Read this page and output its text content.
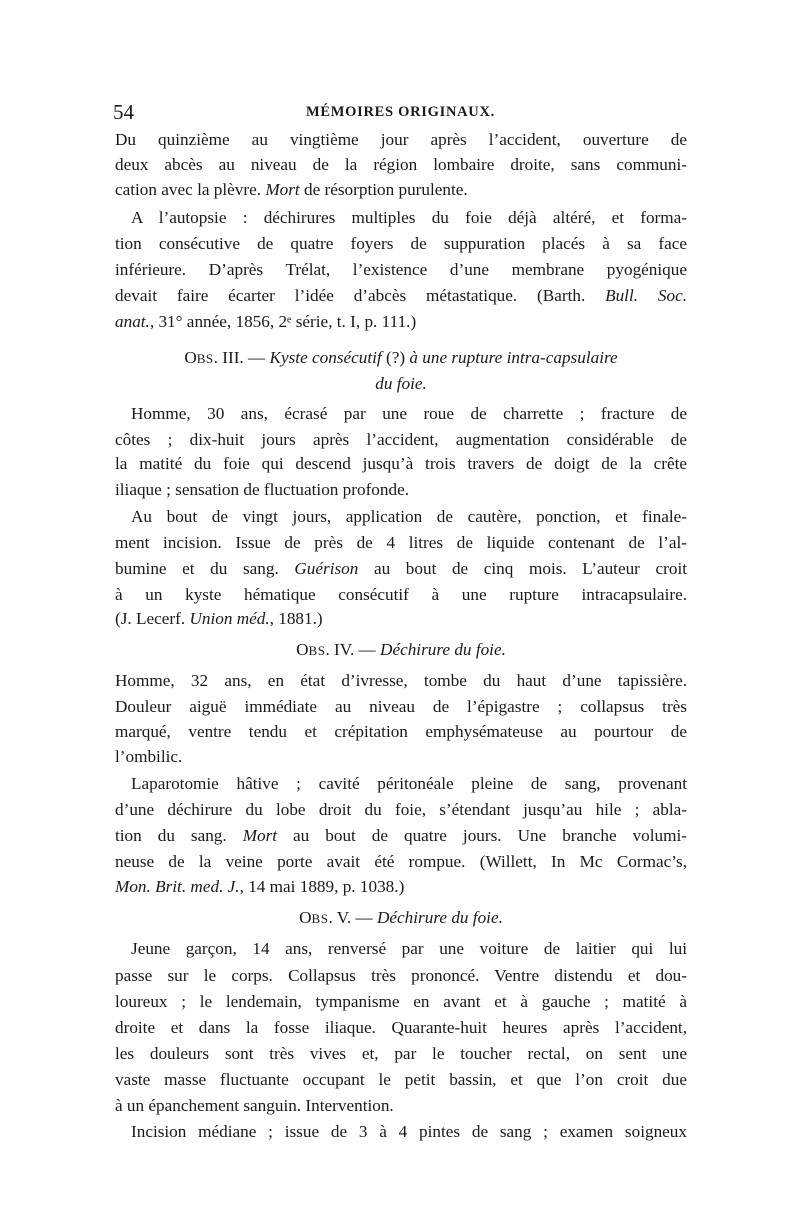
54	MÉMOIRES ORIGINAUX.
Du quinzième au vingtième jour après l’accident, ouverture de
deux abcès au niveau de la région lombaire droite, sans communi-
cation avec la plèvre. Mort de résorption purulente.
A l’autopsie : déchirures multiples du foie déjà altéré, et forma-
tion consécutive de quatre foyers de suppuration placés à sa face
inférieure. D’après Trélat, l’existence d’une membrane pyogénique
devait faire écarter l’idée d’abcès métastatique. (Barth. Bull. Soc.
anat., 31° année, 1856, 2ᵉ série, t. I, p. 111.)
OBS. III. — Kyste consécutif (?) à une rupture intra-capsulaire
du foie.
Homme, 30 ans, écrasé par une roue de charrette ; fracture de
côtes ; dix-huit jours après l’accident, augmentation considérable de
la matité du foie qui descend jusqu’à trois travers de doigt de la crête
iliaque ; sensation de fluctuation profonde.
Au bout de vingt jours, application de cautère, ponction, et finale-
ment incision. Issue de près de 4 litres de liquide contenant de l’al-
bumine et du sang. Guérison au bout de cinq mois. L’auteur croit
à un kyste hématique consécutif à une rupture intracapsulaire.
(J. Lecerf. Union méd., 1881.)
OBS. IV. — Déchirure du foie.
Homme, 32 ans, en état d’ivresse, tombe du haut d’une tapissière.
Douleur aiguë immédiate au niveau de l’épigastre ; collapsus très
marqué, ventre tendu et crépitation emphysémateuse au pourtour de
l’ombilic.
Laparotomie hâtive ; cavité péritonéale pleine de sang, provenant
d’une déchirure du lobe droit du foie, s’étendant jusqu’au hile ; abla-
tion du sang. Mort au bout de quatre jours. Une branche volumi-
neuse de la veine porte avait été rompue. (Willett, In Mc Cormac’s,
Mon. Brit. med. J., 14 mai 1889, p. 1038.)
OBS. V. — Déchirure du foie.
Jeune garçon, 14 ans, renversé par une voiture de laitier qui lui
passe sur le corps. Collapsus très prononcé. Ventre distendu et dou-
loureux ; le lendemain, tympanisme en avant et à gauche ; matité à
droite et dans la fosse iliaque. Quarante-huit heures après l’accident,
les douleurs sont très vives et, par le toucher rectal, on sent une
vaste masse fluctuante occupant le petit bassin, et que l’on croit due
à un épanchement sanguin. Intervention.
Incision médiane ; issue de 3 à 4 pintes de sang ; examen soigneux
